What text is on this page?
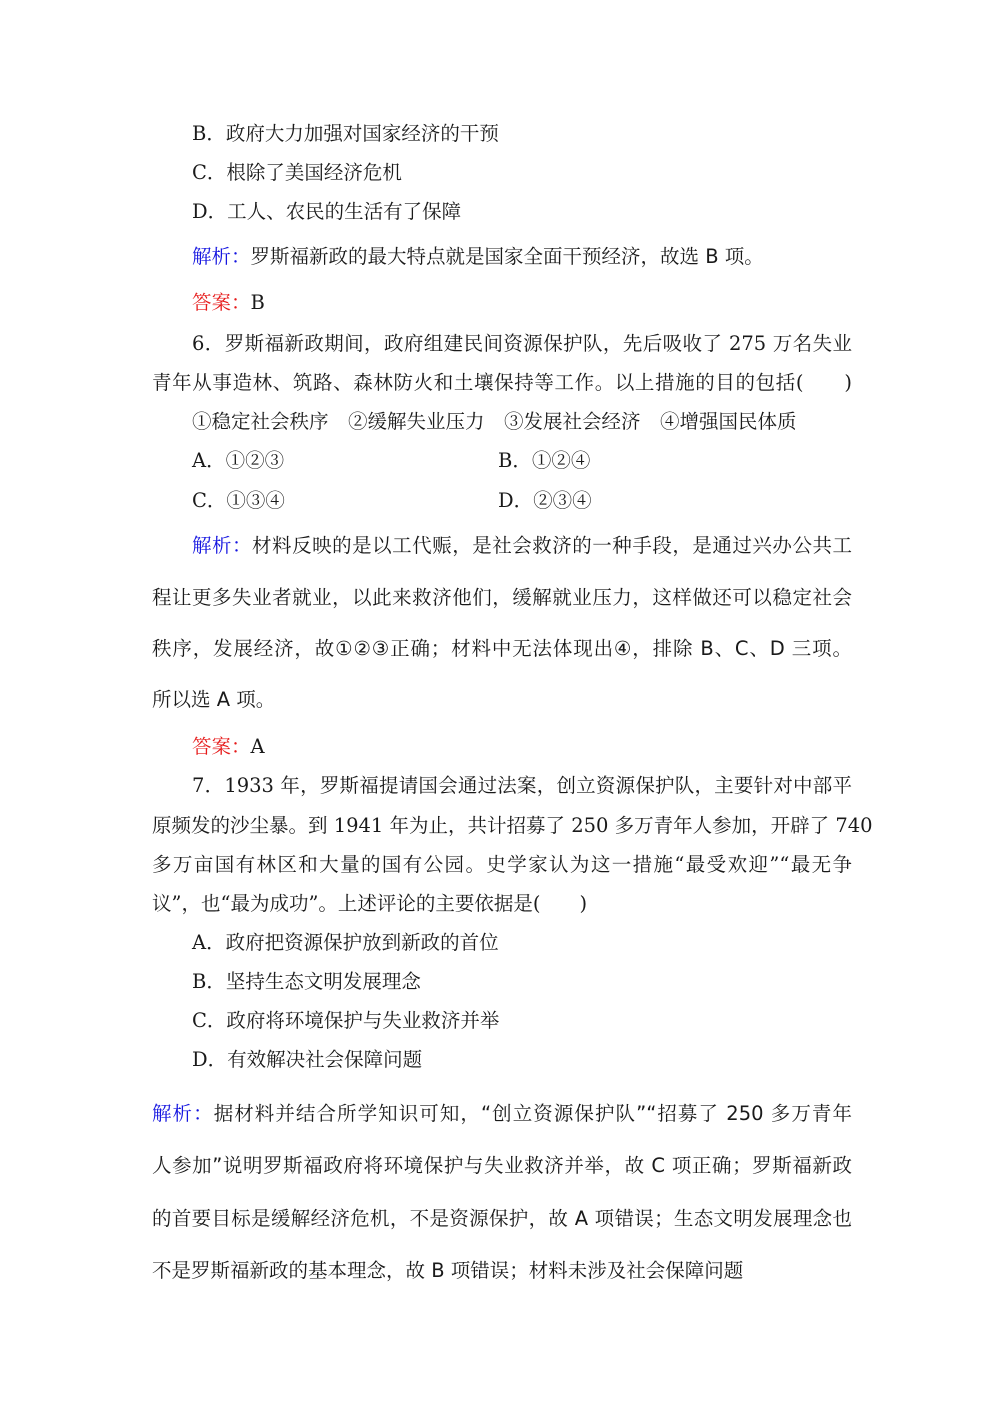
B．政府大力加强对国家经济的干预
C．根除了美国经济危机
D．工人、农民的生活有了保障
解析：罗斯福新政的最大特点就是国家全面干预经济，故选 B 项。
答案：B
6．罗斯福新政期间，政府组建民间资源保护队，先后吸收了 275 万名失业
青年从事造林、筑路、森林防火和土壤保持等工作。以上措施的目的包括(　　)
①稳定社会秩序　②缓解失业压力　③发展社会经济　④增强国民体质
A．①②③	B．①②④
C．①③④	D．②③④
解析：材料反映的是以工代赈，是社会救济的一种手段，是通过兴办公共工
程让更多失业者就业，以此来救济他们，缓解就业压力，这样做还可以稳定社会
秩序，发展经济，故①②③正确；材料中无法体现出④，排除 B、C、D 三项。
所以选 A 项。
答案：A
7．1933 年，罗斯福提请国会通过法案，创立资源保护队，主要针对中部平
原频发的沙尘暴。到 1941 年为止，共计招募了 250 多万青年人参加，开辟了 740
多万亩国有林区和大量的国有公园。史学家认为这一措施“最受欢迎”“最无争
议”，也“最为成功”。上述评论的主要依据是(　　)
A．政府把资源保护放到新政的首位
B．坚持生态文明发展理念
C．政府将环境保护与失业救济并举
D．有效解决社会保障问题
解析：据材料并结合所学知识可知，“创立资源保护队”“招募了 250 多万青年
人参加”说明罗斯福政府将环境保护与失业救济并举，故 C 项正确；罗斯福新政
的首要目标是缓解经济危机，不是资源保护，故 A 项错误；生态文明发展理念也
不是罗斯福新政的基本理念，故 B 项错误；材料未涉及社会保障问题
